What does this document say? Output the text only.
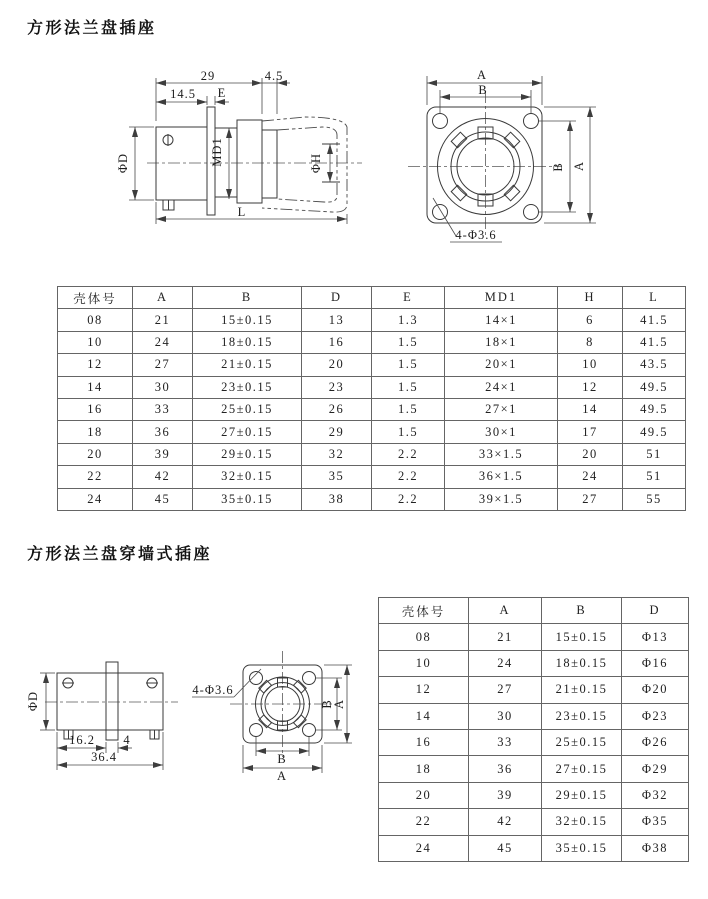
方形法兰盘插座
方形法兰盘穿墙式插座
29	4.5
14.5 E
ΦD	MD1	ΦH
L
A
B
B A
4-Φ3.6
ΦD
16.2 4
36.4
4-Φ3.6
B
A
B
A
壳体号	A	B	D	E	MD1	H	L
08	21	15±0.15	13	1.3	14×1	6	41.5
10	24	18±0.15	16	1.5	18×1	8	41.5
12	27	21±0.15	20	1.5	20×1	10	43.5
14	30	23±0.15	23	1.5	24×1	12	49.5
16	33	25±0.15	26	1.5	27×1	14	49.5
18	36	27±0.15	29	1.5	30×1	17	49.5
20	39	29±0.15	32	2.2	33×1.5	20	51
22	42	32±0.15	35	2.2	36×1.5	24	51
24	45	35±0.15	38	2.2	39×1.5	27	55
壳体号	A	B	D
08	21	15±0.15	Φ13
10	24	18±0.15	Φ16
12	27	21±0.15	Φ20
14	30	23±0.15	Φ23
16	33	25±0.15	Φ26
18	36	27±0.15	Φ29
20	39	29±0.15	Φ32
22	42	32±0.15	Φ35
24	45	35±0.15	Φ38
